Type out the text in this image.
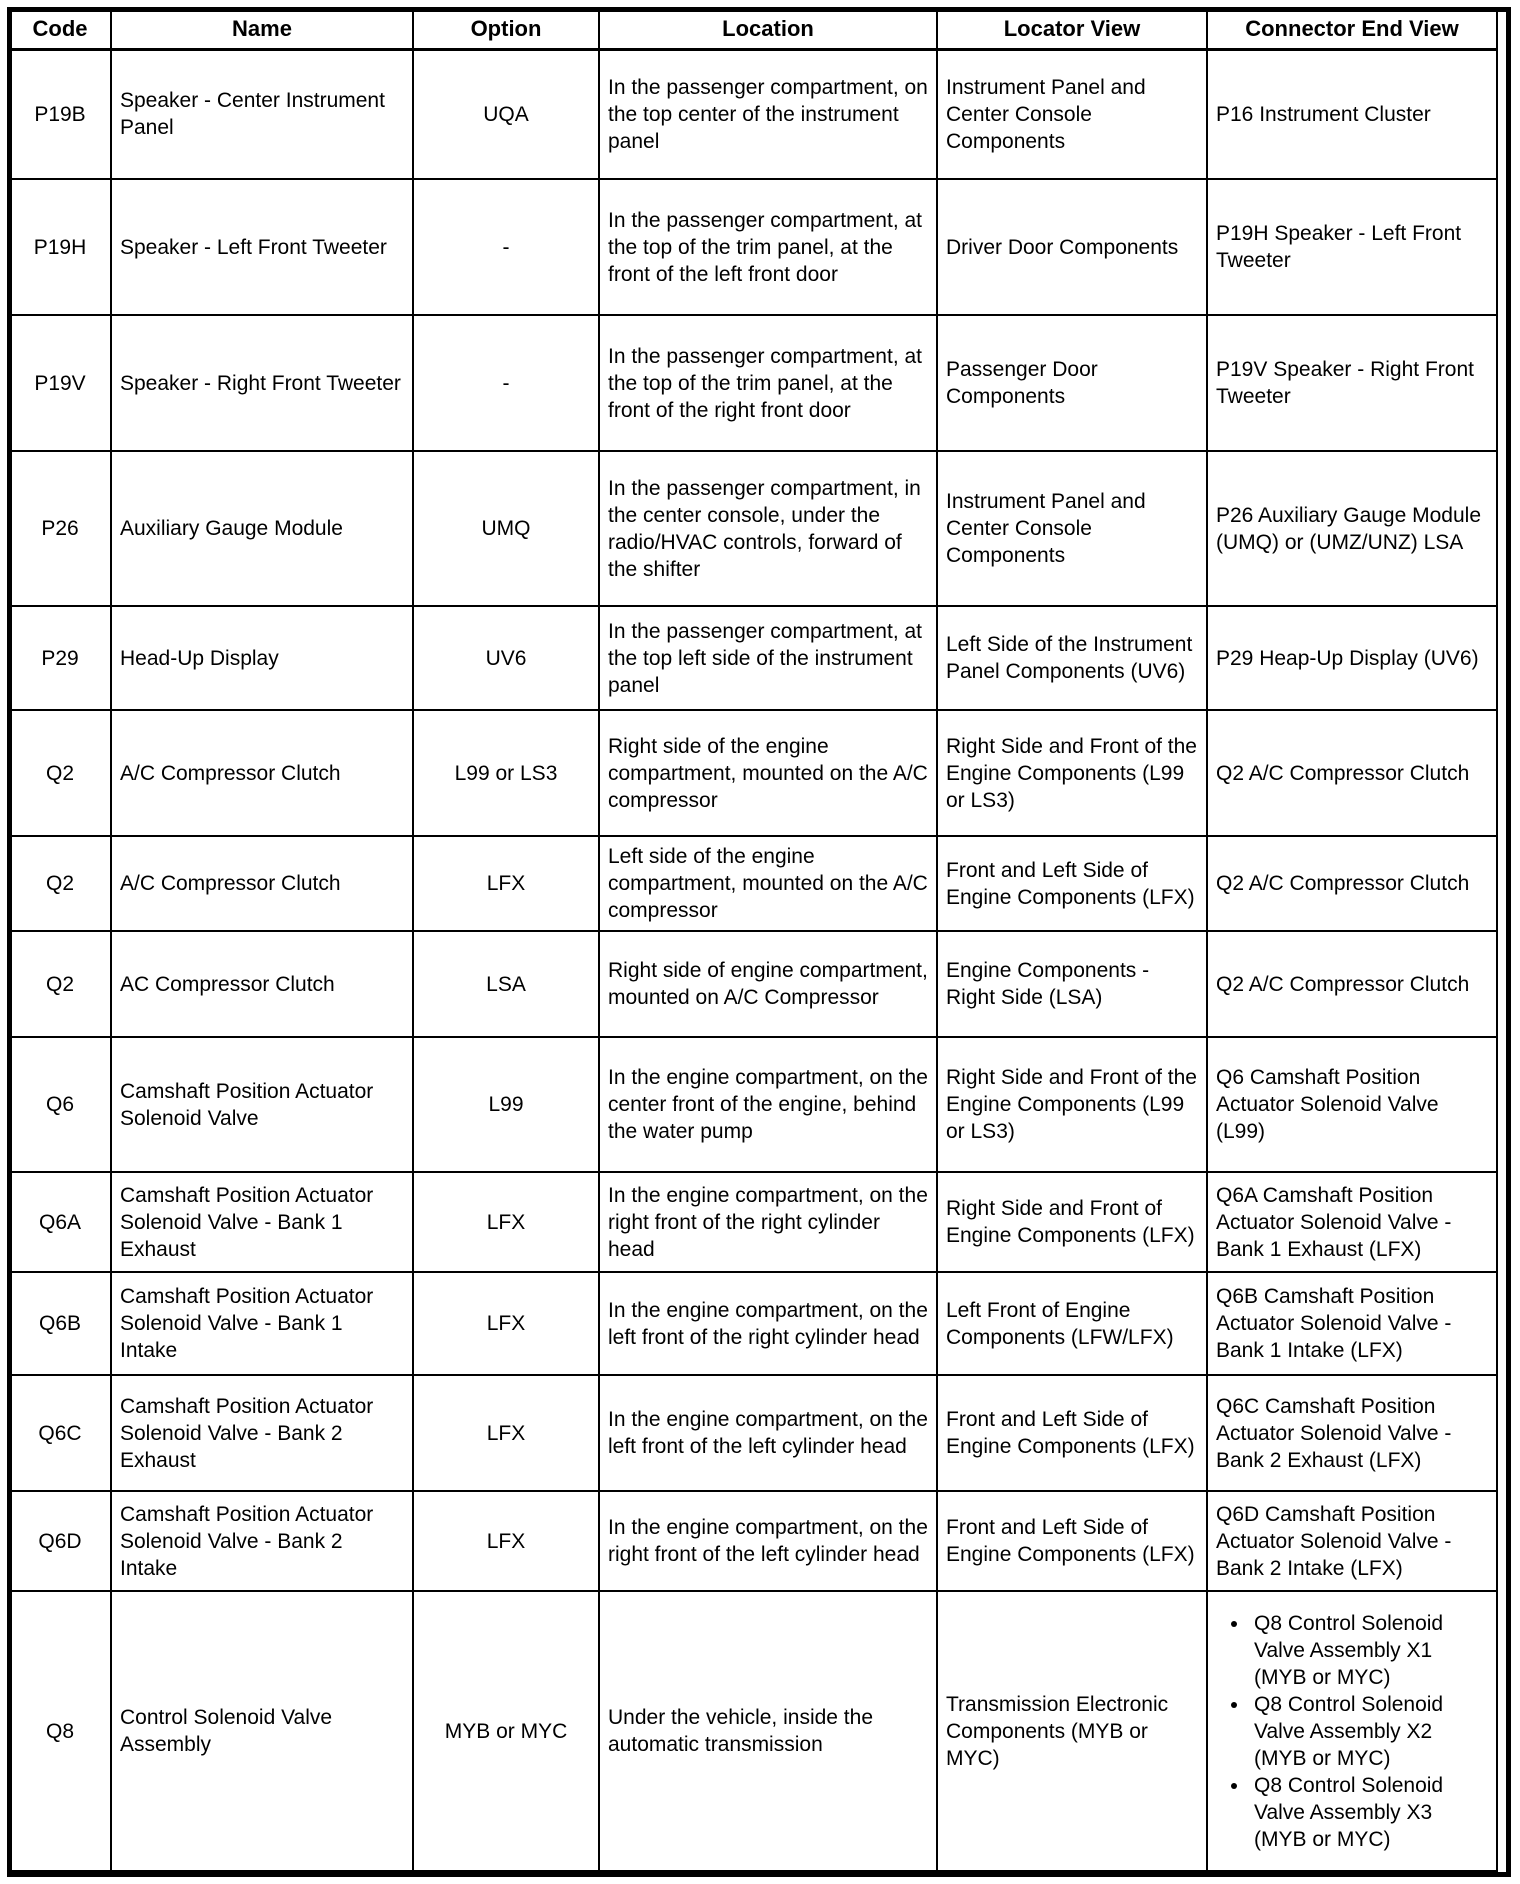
Code	Name	Option	Location	Locator View	Connector End View
P19B	Speaker - Center Instrument Panel	UQA	In the passenger compartment, on the top center of the instrument panel	Instrument Panel and Center Console Components	P16 Instrument Cluster
P19H	Speaker - Left Front Tweeter	-	In the passenger compartment, at the top of the trim panel, at the front of the left front door	Driver Door Components	P19H Speaker - Left Front Tweeter
P19V	Speaker - Right Front Tweeter	-	In the passenger compartment, at the top of the trim panel, at the front of the right front door	Passenger Door Components	P19V Speaker - Right Front Tweeter
P26	Auxiliary Gauge Module	UMQ	In the passenger compartment, in the center console, under the radio/HVAC controls, forward of the shifter	Instrument Panel and Center Console Components	P26 Auxiliary Gauge Module (UMQ) or (UMZ/UNZ) LSA
P29	Head-Up Display	UV6	In the passenger compartment, at the top left side of the instrument panel	Left Side of the Instrument Panel Components (UV6)	P29 Heap-Up Display (UV6)
Q2	A/C Compressor Clutch	L99 or LS3	Right side of the engine compartment, mounted on the A/C compressor	Right Side and Front of the Engine Components (L99 or LS3)	Q2 A/C Compressor Clutch
Q2	A/C Compressor Clutch	LFX	Left side of the engine compartment, mounted on the A/C compressor	Front and Left Side of Engine Components (LFX)	Q2 A/C Compressor Clutch
Q2	AC Compressor Clutch	LSA	Right side of engine compartment, mounted on A/C Compressor	Engine Components - Right Side (LSA)	Q2 A/C Compressor Clutch
Q6	Camshaft Position Actuator Solenoid Valve	L99	In the engine compartment, on the center front of the engine, behind the water pump	Right Side and Front of the Engine Components (L99 or LS3)	Q6 Camshaft Position Actuator Solenoid Valve (L99)
Q6A	Camshaft Position Actuator Solenoid Valve - Bank 1 Exhaust	LFX	In the engine compartment, on the right front of the right cylinder head	Right Side and Front of Engine Components (LFX)	Q6A Camshaft Position Actuator Solenoid Valve - Bank 1 Exhaust (LFX)
Q6B	Camshaft Position Actuator Solenoid Valve - Bank 1 Intake	LFX	In the engine compartment, on the left front of the right cylinder head	Left Front of Engine Components (LFW/LFX)	Q6B Camshaft Position Actuator Solenoid Valve - Bank 1 Intake (LFX)
Q6C	Camshaft Position Actuator Solenoid Valve - Bank 2 Exhaust	LFX	In the engine compartment, on the left front of the left cylinder head	Front and Left Side of Engine Components (LFX)	Q6C Camshaft Position Actuator Solenoid Valve - Bank 2 Exhaust (LFX)
Q6D	Camshaft Position Actuator Solenoid Valve - Bank 2 Intake	LFX	In the engine compartment, on the right front of the left cylinder head	Front and Left Side of Engine Components (LFX)	Q6D Camshaft Position Actuator Solenoid Valve - Bank 2 Intake (LFX)
Q8	Control Solenoid Valve Assembly	MYB or MYC	Under the vehicle, inside the automatic transmission	Transmission Electronic Components (MYB or MYC)	
• Q8 Control Solenoid Valve Assembly X1 (MYB or MYC)
• Q8 Control Solenoid Valve Assembly X2 (MYB or MYC)
• Q8 Control Solenoid Valve Assembly X3 (MYB or MYC)
